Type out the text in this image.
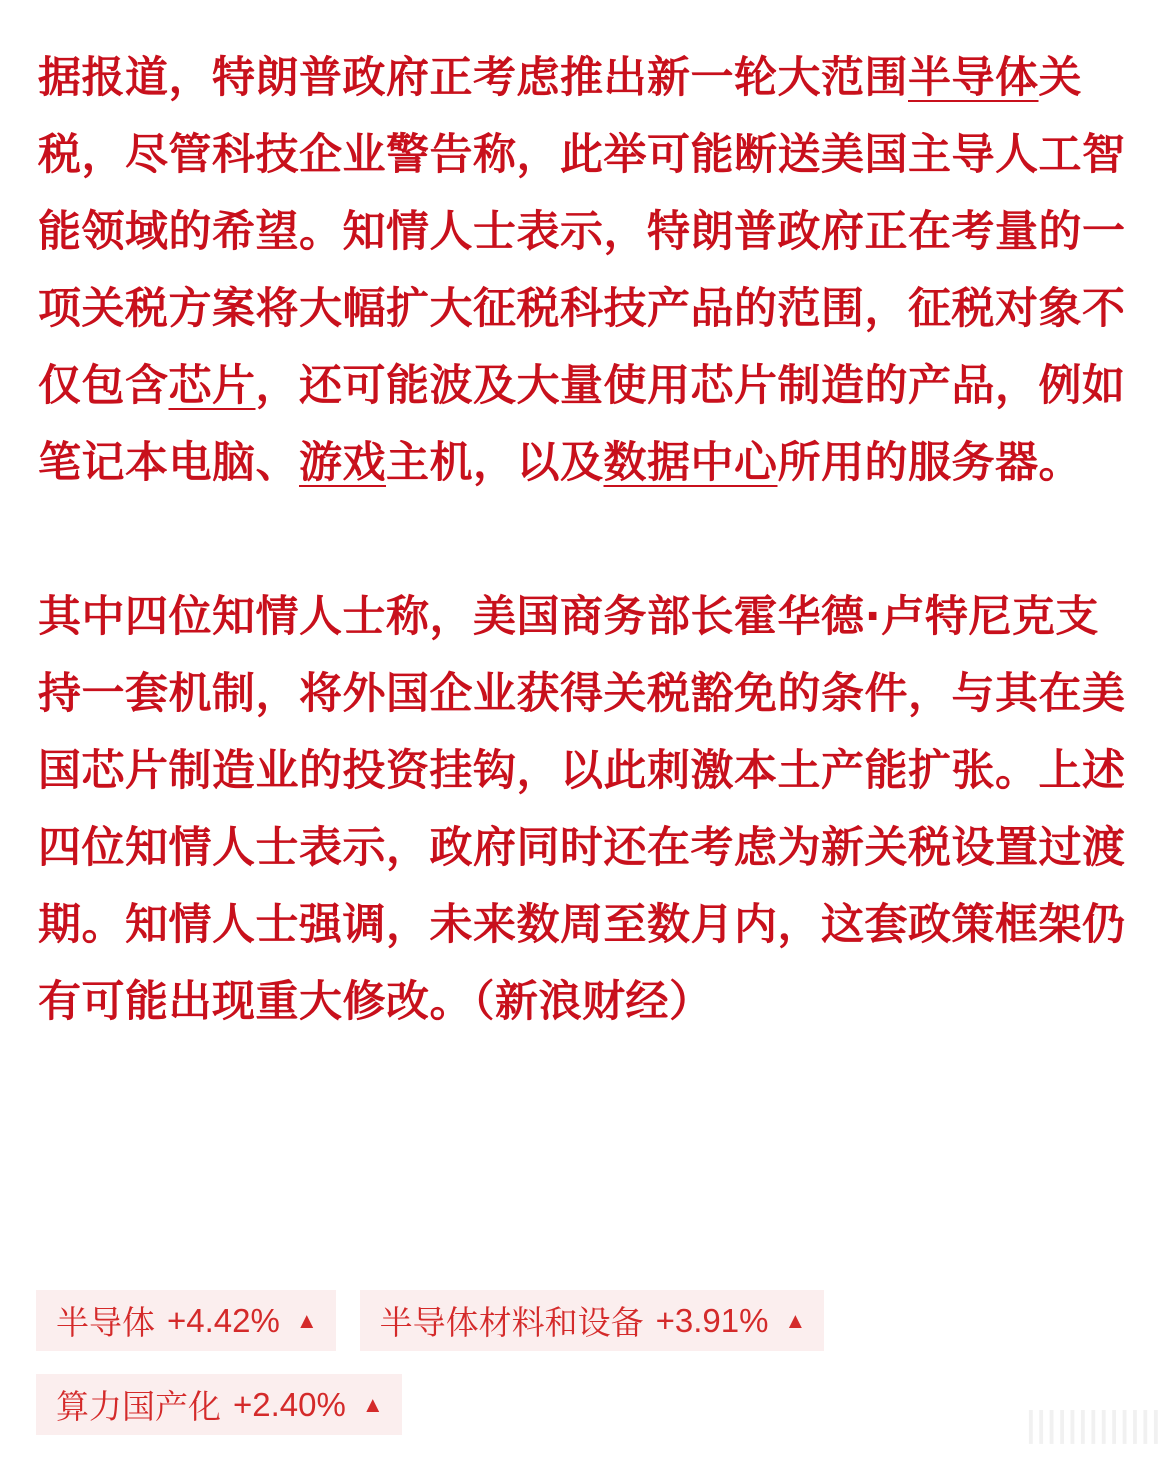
据报道，特朗普政府正考虑推出新一轮大范围半导体关税，尽管科技企业警告称，此举可能断送美国主导人工智能领域的希望。知情人士表示，特朗普政府正在考量的一项关税方案将大幅扩大征税科技产品的范围，征税对象不仅包含芯片，还可能波及大量使用芯片制造的产品，例如笔记本电脑、游戏主机，以及数据中心所用的服务器。

其中四位知情人士称，美国商务部长霍华德·卢特尼克支持一套机制，将外国企业获得关税豁免的条件，与其在美国芯片制造业的投资挂钩，以此刺激本土产能扩张。上述四位知情人士表示，政府同时还在考虑为新关税设置过渡期。知情人士强调，未来数周至数月内，这套政策框架仍有可能出现重大修改。（新浪财经）

半导体 +4.42% ▲ 半导体材料和设备 +3.91% ▲
算力国产化 +2.40% ▲
|||||||||||||
